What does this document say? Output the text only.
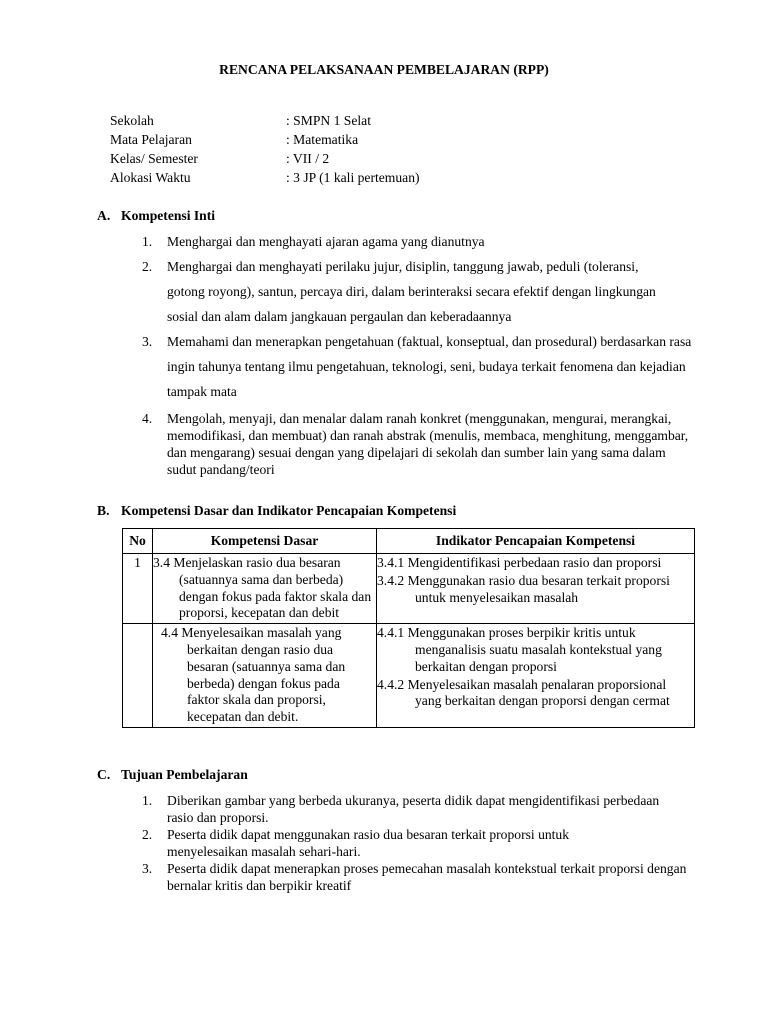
RENCANA PELAKSANAAN PEMBELAJARAN (RPP)
Sekolah	: SMPN 1 Selat
Mata Pelajaran	: Matematika
Kelas/ Semester	: VII / 2
Alokasi Waktu	: 3 JP (1 kali pertemuan)
A. Kompetensi Inti
1. Menghargai dan menghayati ajaran agama yang dianutnya
2. Menghargai dan menghayati perilaku jujur, disiplin, tanggung jawab, peduli (toleransi, gotong royong), santun, percaya diri, dalam berinteraksi secara efektif dengan lingkungan sosial dan alam dalam jangkauan pergaulan dan keberadaannya
3. Memahami dan menerapkan pengetahuan (faktual, konseptual, dan prosedural) berdasarkan rasa ingin tahunya tentang ilmu pengetahuan, teknologi, seni, budaya terkait fenomena dan kejadian tampak mata
4. Mengolah, menyaji, dan menalar dalam ranah konkret (menggunakan, mengurai, merangkai, memodifikasi, dan membuat) dan ranah abstrak (menulis, membaca, menghitung, menggambar, dan mengarang) sesuai dengan yang dipelajari di sekolah dan sumber lain yang sama dalam sudut pandang/teori
B. Kompetensi Dasar dan Indikator Pencapaian Kompetensi
No	Kompetensi Dasar	Indikator Pencapaian Kompetensi
1	3.4 Menjelaskan rasio dua besaran (satuannya sama dan berbeda) dengan fokus pada faktor skala dan proporsi, kecepatan dan debit	3.4.1 Mengidentifikasi perbedaan rasio dan proporsi
3.4.2 Menggunakan rasio dua besaran terkait proporsi untuk menyelesaikan masalah

	4.4 Menyelesaikan masalah yang berkaitan dengan rasio dua besaran (satuannya sama dan berbeda) dengan fokus pada faktor skala dan proporsi, kecepatan dan debit.	4.4.1 Menggunakan proses berpikir kritis untuk menganalisis suatu masalah kontekstual yang berkaitan dengan proporsi
4.4.2 Menyelesaikan masalah penalaran proporsional yang berkaitan dengan proporsi dengan cermat
C. Tujuan Pembelajaran
1. Diberikan gambar yang berbeda ukuranya, peserta didik dapat mengidentifikasi perbedaan rasio dan proporsi.
2. Peserta didik dapat menggunakan rasio dua besaran terkait proporsi untuk menyelesaikan masalah sehari-hari.
3. Peserta didik dapat menerapkan proses pemecahan masalah kontekstual terkait proporsi dengan bernalar kritis dan berpikir kreatif
